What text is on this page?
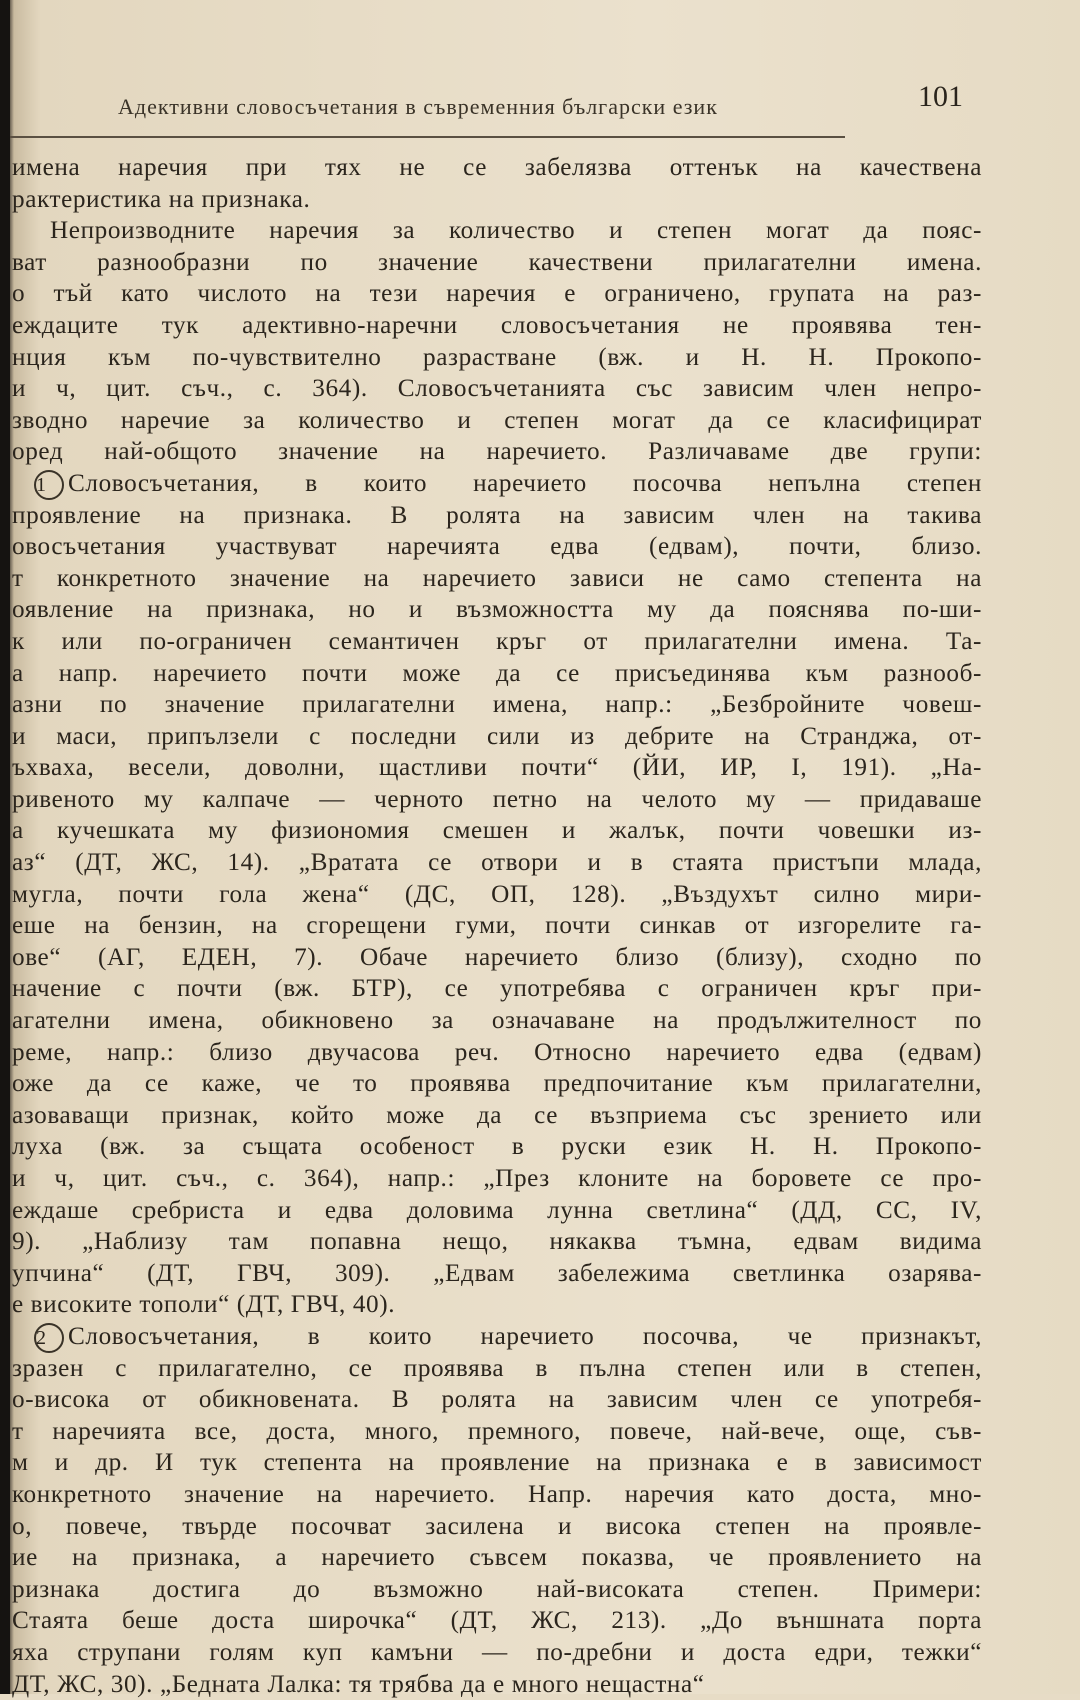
Адективни словосъчетания в съвременния български език	101
имена наречия при тях не се забелязва оттенък на качествена
рактеристика на признака.
Непроизводните наречия за количество и степен могат да пояс-
ват разнообразни по значение качествени прилагателни имена.
о тъй като числото на тези наречия е ограничено, групата на раз-
еждаците тук адективно-наречни словосъчетания не проявява тен-
нция към по-чувствително разрастване (вж. и Н. Н. Прокопо-
и ч, цит. съч., с. 364). Словосъчетанията със зависим член непро-
зводно наречие за количество и степен могат да се класифицират
оред най-общото значение на наречието. Различаваме две групи:
1 Словосъчетания, в които наречието посочва непълна степен
проявление на признака. В ролята на зависим член на такива
овосъчетания участвуват наречията едва (едвам), почти, близо.
т конкретното значение на наречието зависи не само степента на
оявление на признака, но и възможността му да пояснява по-ши-
к или по-ограничен семантичен кръг от прилагателни имена. Та-
а напр. наречието почти може да се присъединява към разнооб-
азни по значение прилагателни имена, напр.: „Безбройните човеш-
и маси, припълзели с последни сили из дебрите на Странджа, от-
ъхваха, весели, доволни, щастливи почти“ (ЙИ, ИР, I, 191). „На-
ривеното му калпаче — черното петно на челото му — придаваше
а кучешката му физиономия смешен и жалък, почти човешки из-
аз“ (ДТ, ЖС, 14). „Вратата се отвори и в стаята пристъпи млада,
мугла, почти гола жена“ (ДС, ОП, 128). „Въздухът силно мири-
еше на бензин, на сгорещени гуми, почти синкав от изгорелите га-
ове“ (АГ, ЕДЕН, 7). Обаче наречието близо (близу), сходно по
начение с почти (вж. БТР), се употребява с ограничен кръг при-
агателни имена, обикновено за означаване на продължителност по
реме, напр.: близо двучасова реч. Относно наречието едва (едвам)
оже да се каже, че то проявява предпочитание към прилагателни,
азоваващи признак, който може да се възприема със зрението или
луха (вж. за същата особеност в руски език Н. Н. Прокопо-
и ч, цит. съч., с. 364), напр.: „През клоните на боровете се про-
еждаше сребриста и едва доловима лунна светлина“ (ДД, СС, IV,
9). „Наблизу там попавна нещо, някаква тъмна, едвам видима
упчина“ (ДТ, ГВЧ, 309). „Едвам забележима светлинка озарява-
е високите тополи“ (ДТ, ГВЧ, 40).
2 Словосъчетания, в които наречието посочва, че признакът,
зразен с прилагателно, се проявява в пълна степен или в степен,
о-висока от обикновената. В ролята на зависим член се употребя-
т наречията все, доста, много, премного, повече, най-вече, още, съв-
м и др. И тук степента на проявление на признака е в зависимост
конкретното значение на наречието. Напр. наречия като доста, мно-
о, повече, твърде посочват засилена и висока степен на проявле-
ие на признака, а наречието съвсем показва, че проявлението на
ризнака достига до възможно най-високата степен. Примери:
Стаята беше доста широчка“ (ДТ, ЖС, 213). „До външната порта
яха струпани голям куп камъни — по-дребни и доста едри, тежки“
ДТ, ЖС, 30). „Бедната Лалка: тя трябва да е много нещастна“
